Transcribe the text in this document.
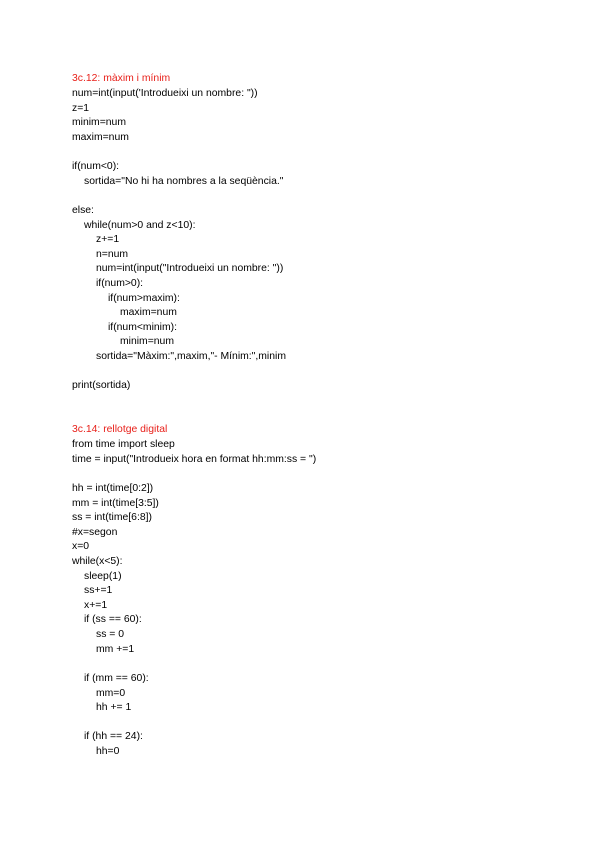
3c.12: màxim i mínim
num=int(input('Introdueixi un nombre: "))
z=1
minim=num
maxim=num
if(num<0):
sortida="No hi ha nombres a la seqüència."
else:
while(num>0 and z<10):
z+=1
n=num
num=int(input("Introdueixi un nombre: "))
if(num>0):
if(num>maxim):
maxim=num
if(num<minim):
minim=num
sortida="Màxim:",maxim,"- Mínim:",minim
print(sortida)
3c.14: rellotge digital
from time import sleep
time = input("Introdueix hora en format hh:mm:ss = ")
hh = int(time[0:2])
mm = int(time[3:5])
ss = int(time[6:8])
#x=segon
x=0
while(x<5):
sleep(1)
ss+=1
x+=1
if (ss == 60):
ss = 0
mm +=1
if (mm == 60):
mm=0
hh += 1
if (hh == 24):
hh=0
